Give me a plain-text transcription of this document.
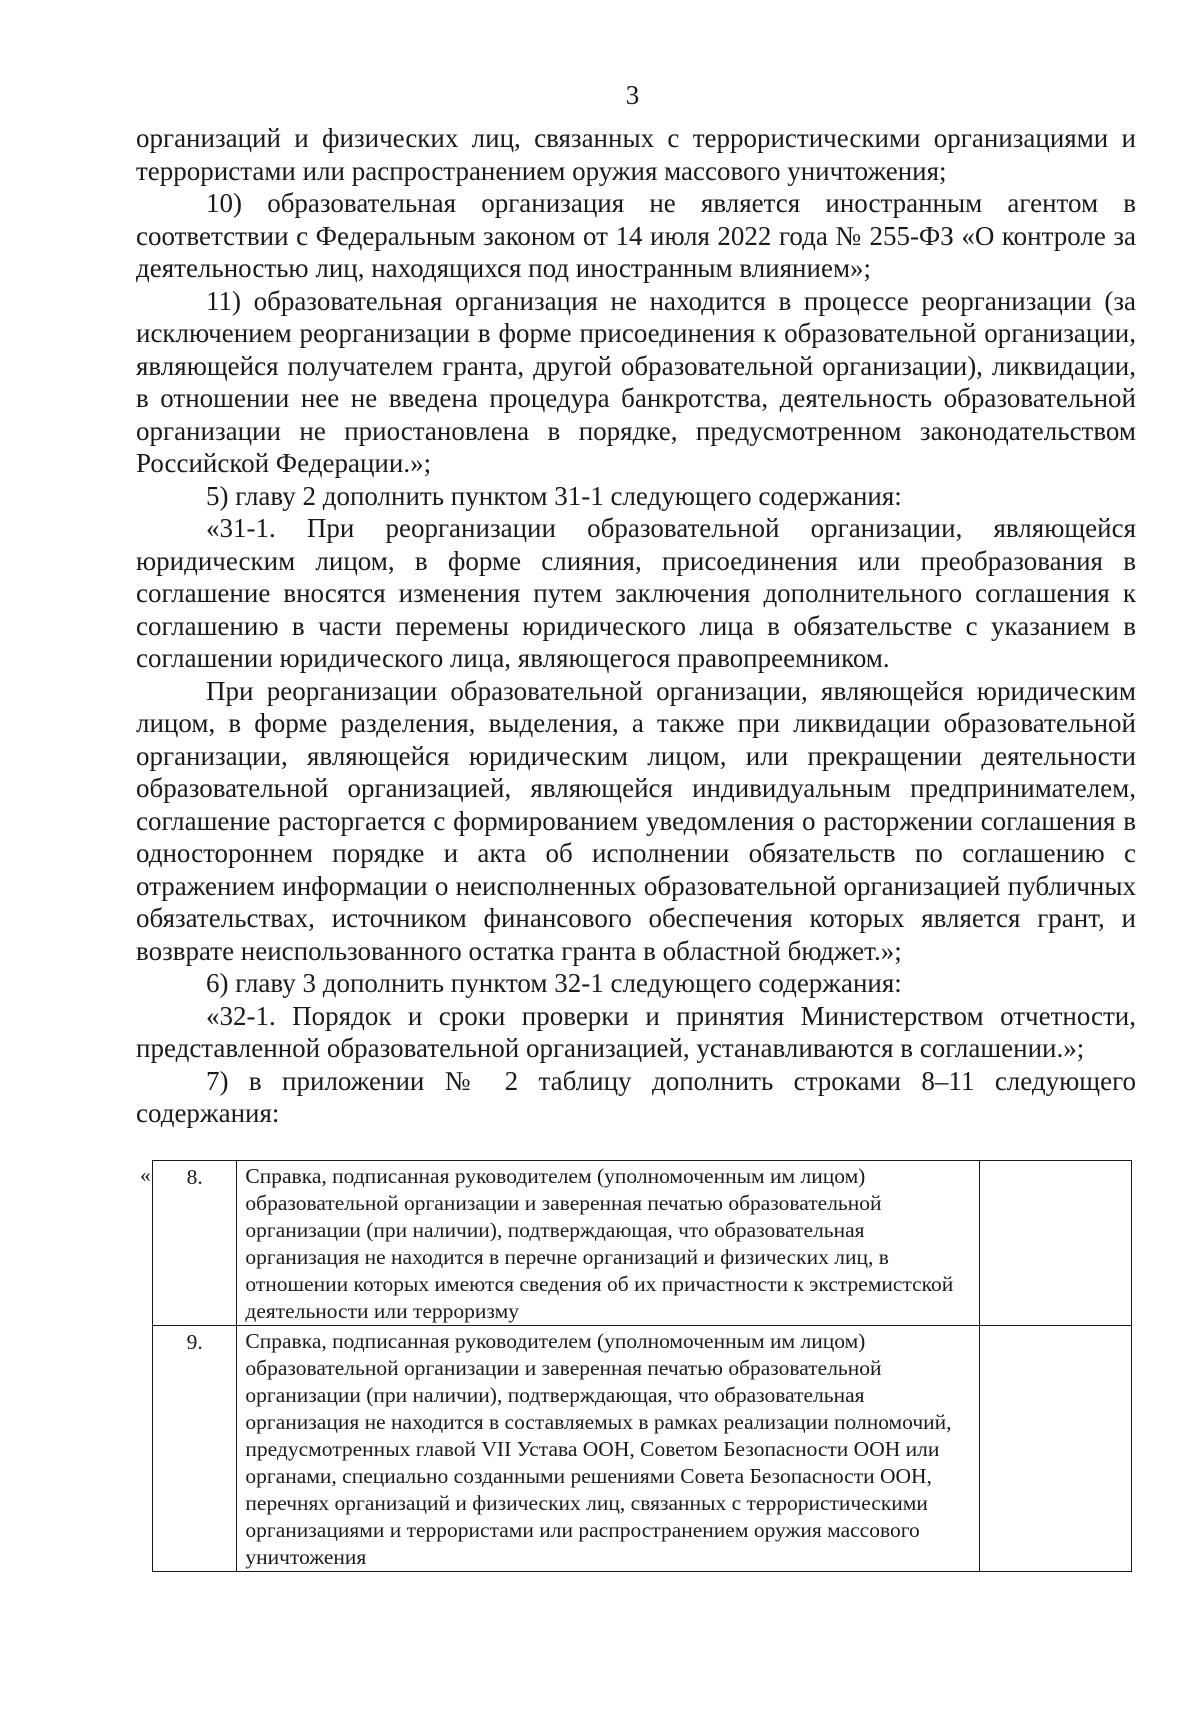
3

организаций и физических лиц, связанных с террористическими организациями и террористами или распространением оружия массового уничтожения;

10) образовательная организация не является иностранным агентом в соответствии с Федеральным законом от 14 июля 2022 года № 255-ФЗ «О контроле за деятельностью лиц, находящихся под иностранным влиянием»;

11) образовательная организация не находится в процессе реорганизации (за исключением реорганизации в форме присоединения к образовательной организации, являющейся получателем гранта, другой образовательной организации), ликвидации, в отношении нее не введена процедура банкротства, деятельность образовательной организации не приостановлена в порядке, предусмотренном законодательством Российской Федерации.»;

5) главу 2 дополнить пунктом 31-1 следующего содержания:

«31-1. При реорганизации образовательной организации, являющейся юридическим лицом, в форме слияния, присоединения или преобразования в соглашение вносятся изменения путем заключения дополнительного соглашения к соглашению в части перемены юридического лица в обязательстве с указанием в соглашении юридического лица, являющегося правопреемником.

При реорганизации образовательной организации, являющейся юридическим лицом, в форме разделения, выделения, а также при ликвидации образовательной организации, являющейся юридическим лицом, или прекращении деятельности образовательной организацией, являющейся индивидуальным предпринимателем, соглашение расторгается с формированием уведомления о расторжении соглашения в одностороннем порядке и акта об исполнении обязательств по соглашению с отражением информации о неисполненных образовательной организацией публичных обязательствах, источником финансового обеспечения которых является грант, и возврате неиспользованного остатка гранта в областной бюджет.»;

6) главу 3 дополнить пунктом 32-1 следующего содержания:

«32-1. Порядок и сроки проверки и принятия Министерством отчетности, представленной образовательной организацией, устанавливаются в соглашении.»;

7) в приложении № 2 таблицу дополнить строками 8–11 следующего

содержания:

« 8.	Справка, подписанная руководителем (уполномоченным им лицом) образовательной организации и заверенная печатью образовательной организации (при наличии), подтверждающая, что образовательная организация не находится в перечне организаций и физических лиц, в отношении которых имеются сведения об их причастности к экстремистской деятельности или терроризму	
9.	Справка, подписанная руководителем (уполномоченным им лицом) образовательной организации и заверенная печатью образовательной организации (при наличии), подтверждающая, что образовательная организация не находится в составляемых в рамках реализации полномочий, предусмотренных главой VII Устава ООН, Советом Безопасности ООН или органами, специально созданными решениями Совета Безопасности ООН, перечнях организаций и физических лиц, связанных с террористическими организациями и террористами или распространением оружия массового уничтожения	
